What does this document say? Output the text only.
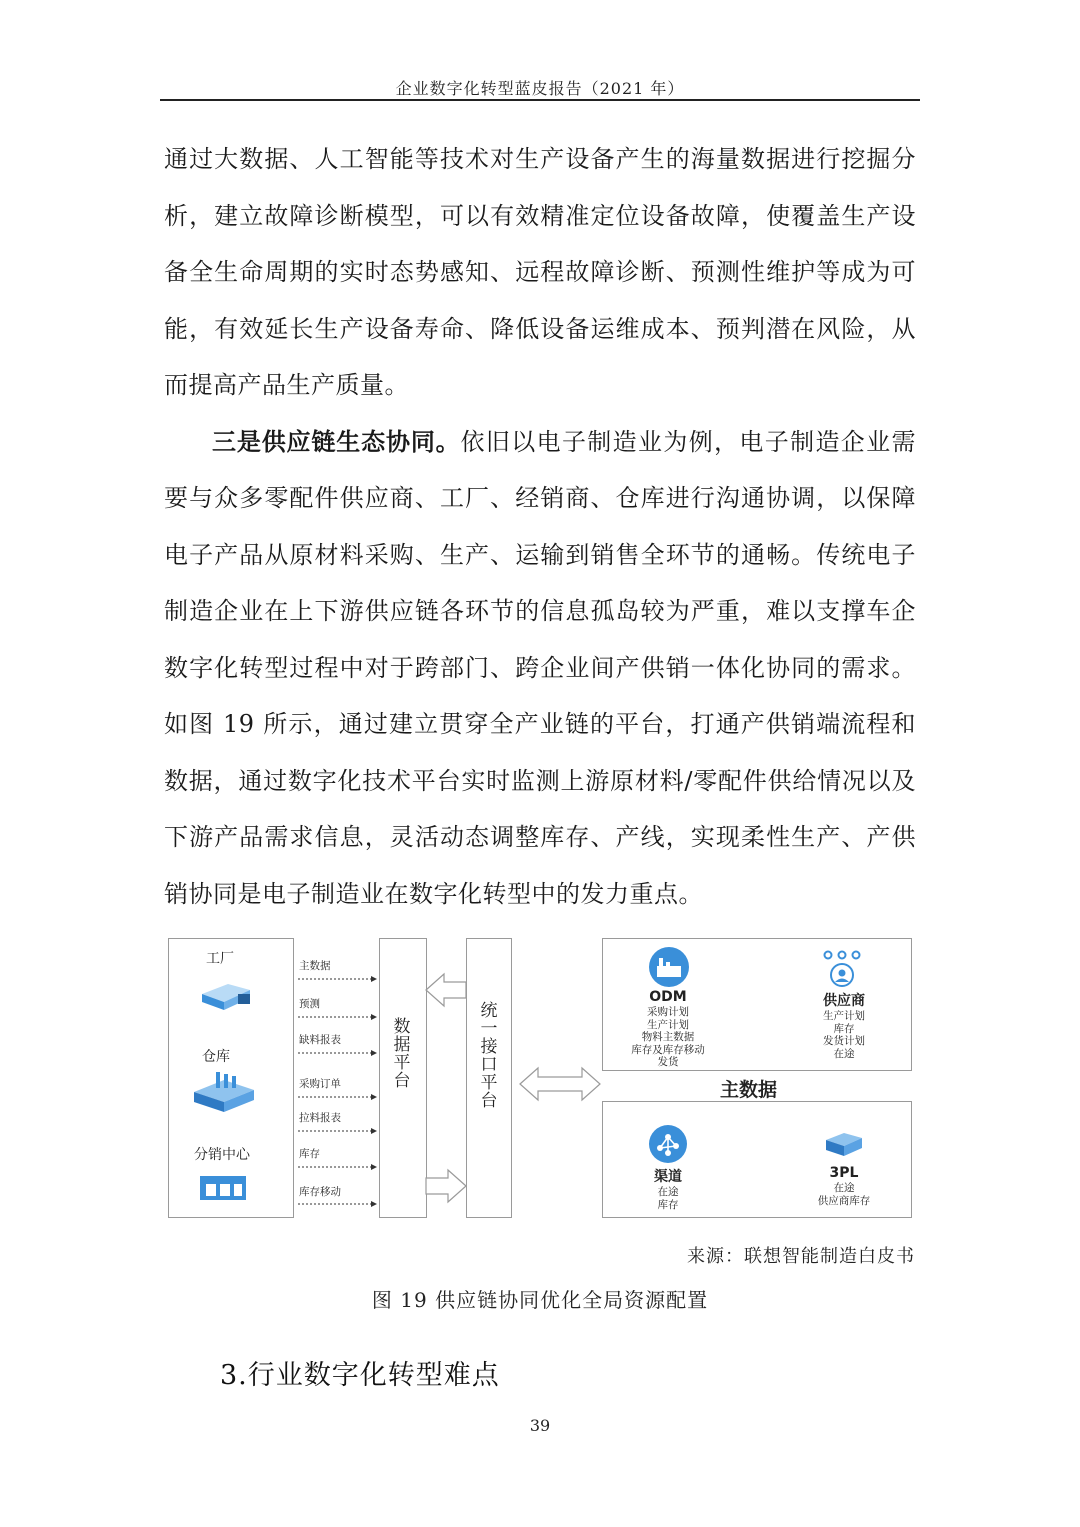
企业数字化转型蓝皮报告（2021 年）

通过大数据、人工智能等技术对生产设备产生的海量数据进行挖掘分析，建立故障诊断模型，可以有效精准定位设备故障，使覆盖生产设备全生命周期的实时态势感知、远程故障诊断、预测性维护等成为可能，有效延长生产设备寿命、降低设备运维成本、预判潜在风险，从而提高产品生产质量。

三是供应链生态协同。依旧以电子制造业为例，电子制造企业需要与众多零配件供应商、工厂、经销商、仓库进行沟通协调，以保障电子产品从原材料采购、生产、运输到销售全环节的通畅。传统电子制造企业在上下游供应链各环节的信息孤岛较为严重，难以支撑车企数字化转型过程中对于跨部门、跨企业间产供销一体化协同的需求。如图 19 所示，通过建立贯穿全产业链的平台，打通产供销端流程和数据，通过数字化技术平台实时监测上游原材料/零配件供给情况以及下游产品需求信息，灵活动态调整库存、产线，实现柔性生产、产供销协同是电子制造业在数字化转型中的发力重点。

工厂
仓库
分销中心
主数据
预测
缺料报表
采购订单
拉料报表
库存
库存移动
数
据
平
台
统
一
接
口
平
台	主数据
ODM
采购计划
生产计划
物料主数据
库存及库存移动
发货
供应商
生产计划
库存
发货计划
在途
渠道
在途
库存
3PL
在途
供应商库存
来源：联想智能制造白皮书
图 19 供应链协同优化全局资源配置
3.行业数字化转型难点
39
